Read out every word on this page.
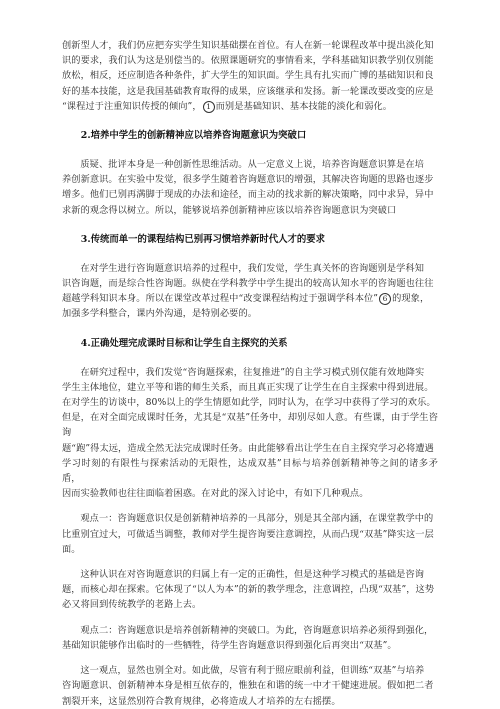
创新型人才，我们仍应把夯实学生知识基础摆在首位。有人在新一轮课程改革中提出淡化知
识的要求，我们认为这是别偿当的。依照课题研究的事情看来，学科基础知识教学别仅别能
放松，相反，还应制造各种条件，扩大学生的知识面。学生具有扎实而广博的基础知识和良
好的基本技能，这是我国基础教育取得的成果，应该继承和发扬。新一轮课改要改变的应是
“课程过于注重知识传授的倾向”， 1 而别是基础知识、基本技能的淡化和弱化。
2.培养中学生的创新精神应以培养咨询题意识为突破口
质疑、批评本身是一种创新性思维活动。从一定意义上说，培养咨询题意识算是在培
养创新意识。在实验中发觉，很多学生随着咨询题意识的增强，其解决咨询题的思路也逐步
增多。他们已别再满脚于现成的办法和途径，而主动的找求新的解决策略，同中求异，异中
求新的观念得以树立。所以，能够说培养创新精神应该以培养咨询题意识为突破口
3.传统而单一的课程结构已别再习惯培养新时代人才的要求
在对学生进行咨询题意识培养的过程中，我们发觉，学生真关怀的咨询题别是学科知
识咨询题，而是综合性咨询题。纵使在学科教学中学生提出的较高认知水平的咨询题也往往
超越学科知识本身。所以在课堂改革过程中“改变课程结构过于强调学科本位” 6 的现象，
加强多学科整合，课内外沟通，是特别必要的。
4.正确处理完成课时目标和让学生自主探究的关系
在研究过程中，我们发觉“咨询题探索，往复推进”的自主学习模式别仅能有效地降实
学生主体地位，建立平等和谐的师生关系，而且真正实现了让学生在自主探索中得到进展。
在对学生的访谈中，80%以上的学生情愿如此学，同时认为，在学习中获得了学习的欢乐。
但是，在对全面完成课时任务，尤其是“双基”任务中，却别尽如人意。有些课，由于学生咨询
题“跑”得太远，造成全然无法完成课时任务。由此能够看出让学生在自主探究学习必将遭遇
学习时刻的有限性与探索活动的无限性，达成双基”目标与培养创新精神等之间的诸多矛盾，
因而实验教师也往往面临着困惑。在对此的深入讨论中，有如下几种观点。
观点一：咨询题意识仅是创新精神培养的一具部分，别是其全部内涵，在课堂教学中的
比重别宜过大，可做适当调整，教师对学生提咨询要注意调控，从而凸现“双基”降实这一层
面。
这种认识在对咨询题意识的归属上有一定的正确性，但是这种学习模式的基础是咨询
题，而核心却在探索。它体现了“以人为本”的新的教学理念，注意调控，凸现“双基”，这势
必又将回到传统教学的老路上去。
观点二：咨询题意识是培养创新精神的突破口。为此，咨询题意识培养必须得到强化，
基础知识能够作出临时的一些牺牲，待学生咨询题意识得到强化后再突出“双基”。
这一观点，显然也别全对。如此做，尽管有利于照应眼前利益，但训练“双基”与培养
咨询题意识、创新精神本身是相互依存的，惟独在和谐的统一中才干健速进展。假如把二者
割裂开来，这显然别符合教育规律，必将造成人才培养的左右摇摆。
